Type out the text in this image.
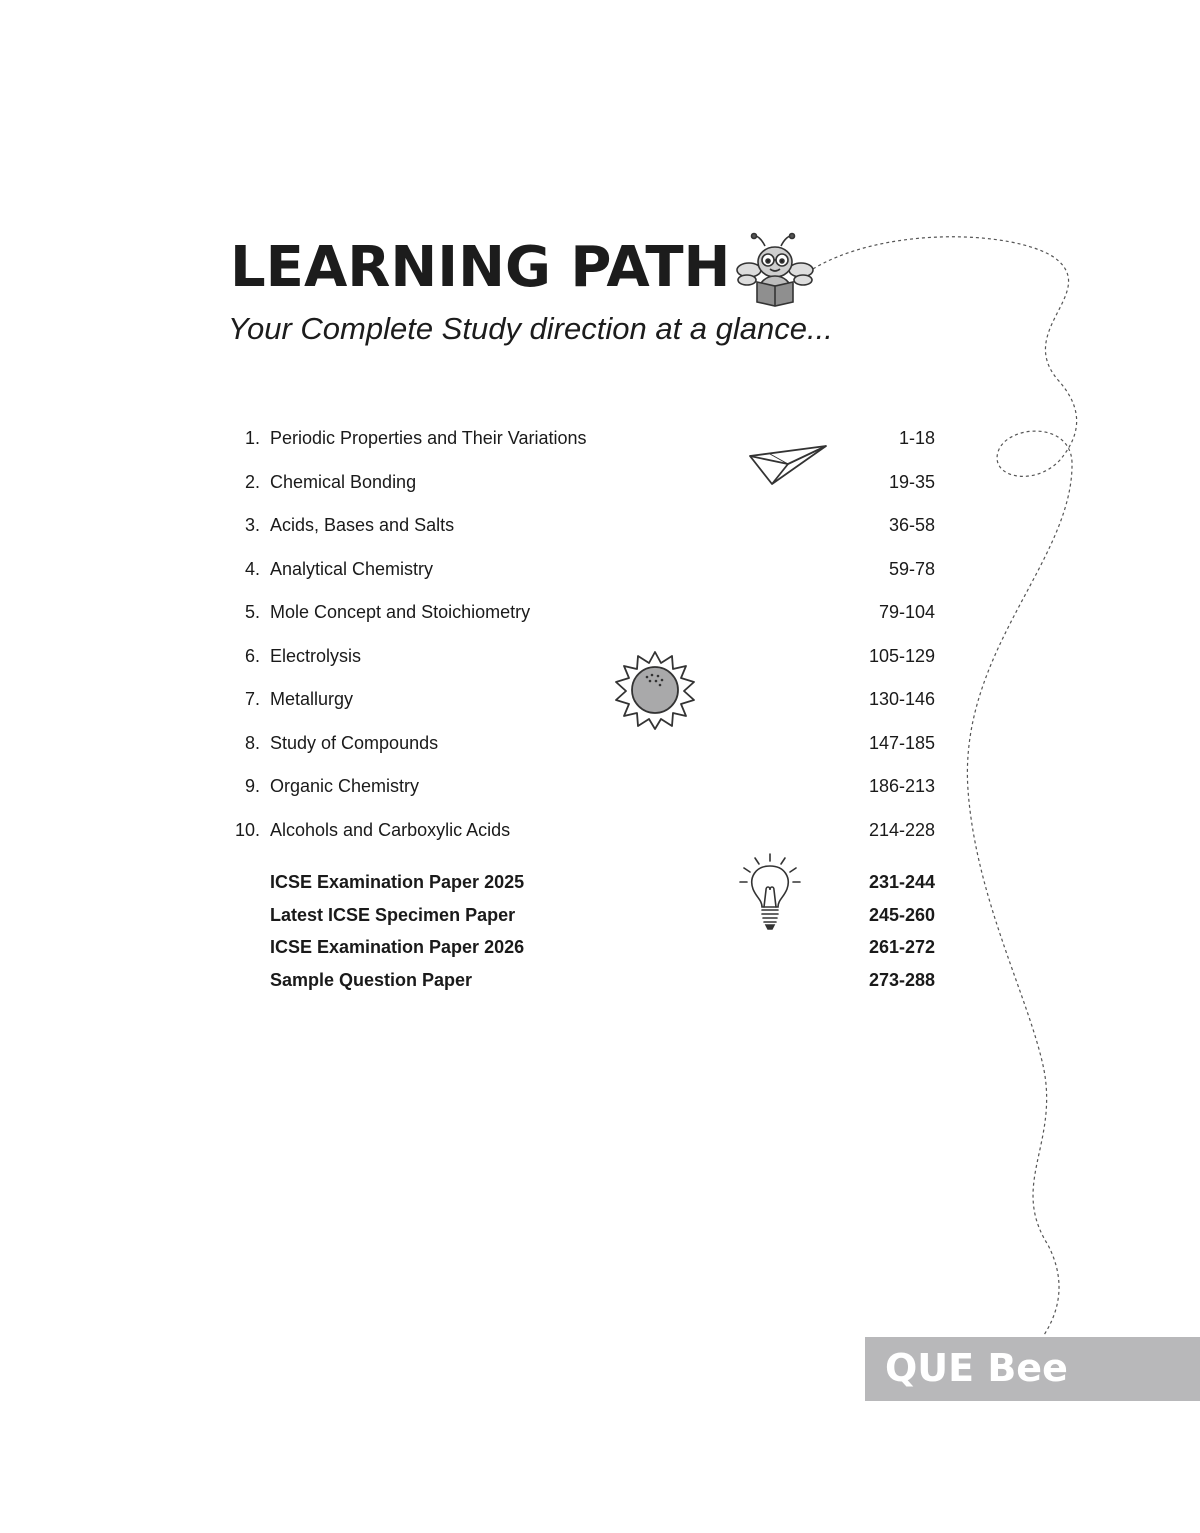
LEARNING PATH

Your Complete Study direction at a glance...

1. Periodic Properties and Their Variations	1-18
2. Chemical Bonding	19-35
3. Acids, Bases and Salts	36-58
4. Analytical Chemistry	59-78
5. Mole Concept and Stoichiometry	79-104
6. Electrolysis	105-129
7. Metallurgy	130-146
8. Study of Compounds	147-185
9. Organic Chemistry	186-213
10. Alcohols and Carboxylic Acids	214-228
ICSE Examination Paper 2025	231-244
Latest ICSE Specimen Paper	245-260
ICSE Examination Paper 2026	261-272
Sample Question Paper	273-288
QUE Bee
